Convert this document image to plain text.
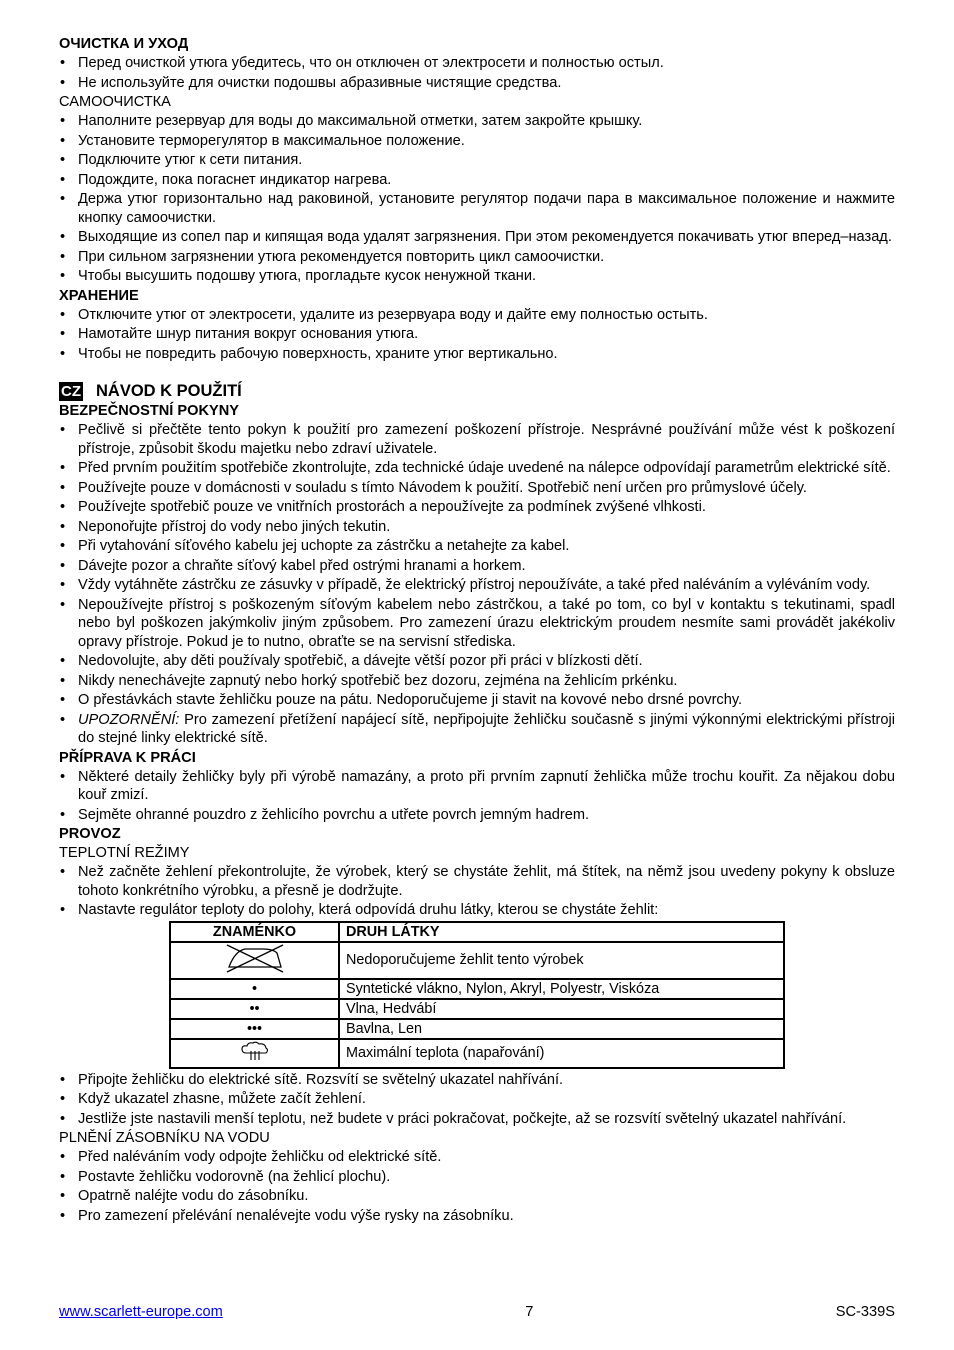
ОЧИСТКА И УХОД

• Перед очисткой утюга убедитесь, что он отключен от электросети и полностью остыл.
• Не используйте для очистки подошвы абразивные чистящие средства.

САМООЧИСТКА

• Наполните резервуар для воды до максимальной отметки, затем закройте крышку.
• Установите терморегулятор в максимальное положение.
• Подключите утюг к сети питания.
• Подождите, пока погаснет индикатор нагрева.
• Держа утюг горизонтально над раковиной, установите регулятор подачи пара в максимальное положение и нажмите кнопку самоочистки.
• Выходящие из сопел пар и кипящая вода удалят загрязнения. При этом рекомендуется покачивать утюг вперед–назад.
• При сильном загрязнении утюга рекомендуется повторить цикл самоочистки.
• Чтобы высушить подошву утюга, прогладьте кусок ненужной ткани.

ХРАНЕНИЕ

• Отключите утюг от электросети, удалите из резервуара воду и дайте ему полностью остыть.
• Намотайте шнур питания вокруг основания утюга.
• Чтобы не повредить рабочую поверхность, храните утюг вертикально.
CZ NÁVOD K POUŽITÍ

BEZPEČNOSTNÍ POKYNY

• Pečlivě si přečtěte tento pokyn k použití pro zamezení poškození přístroje. Nesprávné používání může vést k poškození přístroje, způsobit škodu majetku nebo zdraví uživatele.
• Před prvním použitím spotřebiče zkontrolujte, zda technické údaje uvedené na nálepce odpovídají parametrům elektrické sítě.
• Používejte pouze v domácnosti v souladu s tímto Návodem k použití. Spotřebič není určen pro průmyslové účely.
• Používejte spotřebič pouze ve vnitřních prostorách a nepoužívejte za podmínek zvýšené vlhkosti.
• Neponořujte přístroj do vody nebo jiných tekutin.
• Při vytahování síťového kabelu jej uchopte za zástrčku a netahejte za kabel.
• Dávejte pozor a chraňte síťový kabel před ostrými hranami a horkem.
• Vždy vytáhněte zástrčku ze zásuvky v případě, že elektrický přístroj nepoužíváte, a také před naléváním a vyléváním vody.
• Nepoužívejte přístroj s poškozeným síťovým kabelem nebo zástrčkou, a také po tom, co byl v kontaktu s tekutinami, spadl nebo byl poškozen jakýmkoliv jiným způsobem. Pro zamezení úrazu elektrickým proudem nesmíte sami provádět jakékoliv opravy přístroje. Pokud je to nutno, obraťte se na servisní střediska.
• Nedovolujte, aby děti používaly spotřebič, a dávejte větší pozor při práci v blízkosti dětí.
• Nikdy nenechávejte zapnutý nebo horký spotřebič bez dozoru, zejména na žehlicím prkénku.
• O přestávkách stavte žehličku pouze na pátu. Nedoporučujeme ji stavit na kovové nebo drsné povrchy.
• UPOZORNĚNÍ: Pro zamezení přetížení napájecí sítě, nepřipojujte žehličku současně s jinými výkonnými elektrickými přístroji do stejné linky elektrické sítě.

PŘÍPRAVA K PRÁCI

• Některé detaily žehličky byly při výrobě namazány, a proto při prvním zapnutí žehlička může trochu kouřit. Za nějakou dobu kouř zmizí.
• Sejměte ohranné pouzdro z žehlicího povrchu a utřete povrch jemným hadrem.

PROVOZ

TEPLOTNÍ REŽIMY

• Než začněte žehlení překontrolujte, že výrobek, který se chystáte žehlit, má štítek, na němž jsou uvedeny pokyny k obsluze tohoto konkrétního výrobku, a přesně je dodržujte.
• Nastavte regulátor teploty do polohy, která odpovídá druhu látky, kterou se chystáte žehlit:
ZNAMÉNKO	DRUH LÁTKY
	Nedoporučujeme žehlit tento výrobek
•	Syntetické vlákno, Nylon, Akryl, Polyestr, Viskóza
••	Vlna, Hedvábí
•••	Bavlna, Len
	Maximální teplota (napařování)
• Připojte žehličku do elektrické sítě. Rozsvítí se světelný ukazatel nahřívání.
• Když ukazatel zhasne, můžete začít žehlení.
• Jestliže jste nastavili menší teplotu, než budete v práci pokračovat, počkejte, až se rozsvítí světelný ukazatel nahřívání.

PLNĚNÍ ZÁSOBNÍKU NA VODU

• Před naléváním vody odpojte žehličku od elektrické sítě.
• Postavte žehličku vodorovně (na žehlicí plochu).
• Opatrně naléjte vodu do zásobníku.
• Pro zamezení přelévání nenalévejte vodu výše rysky na zásobníku.
www.scarlett-europe.com	7	SC-339S
